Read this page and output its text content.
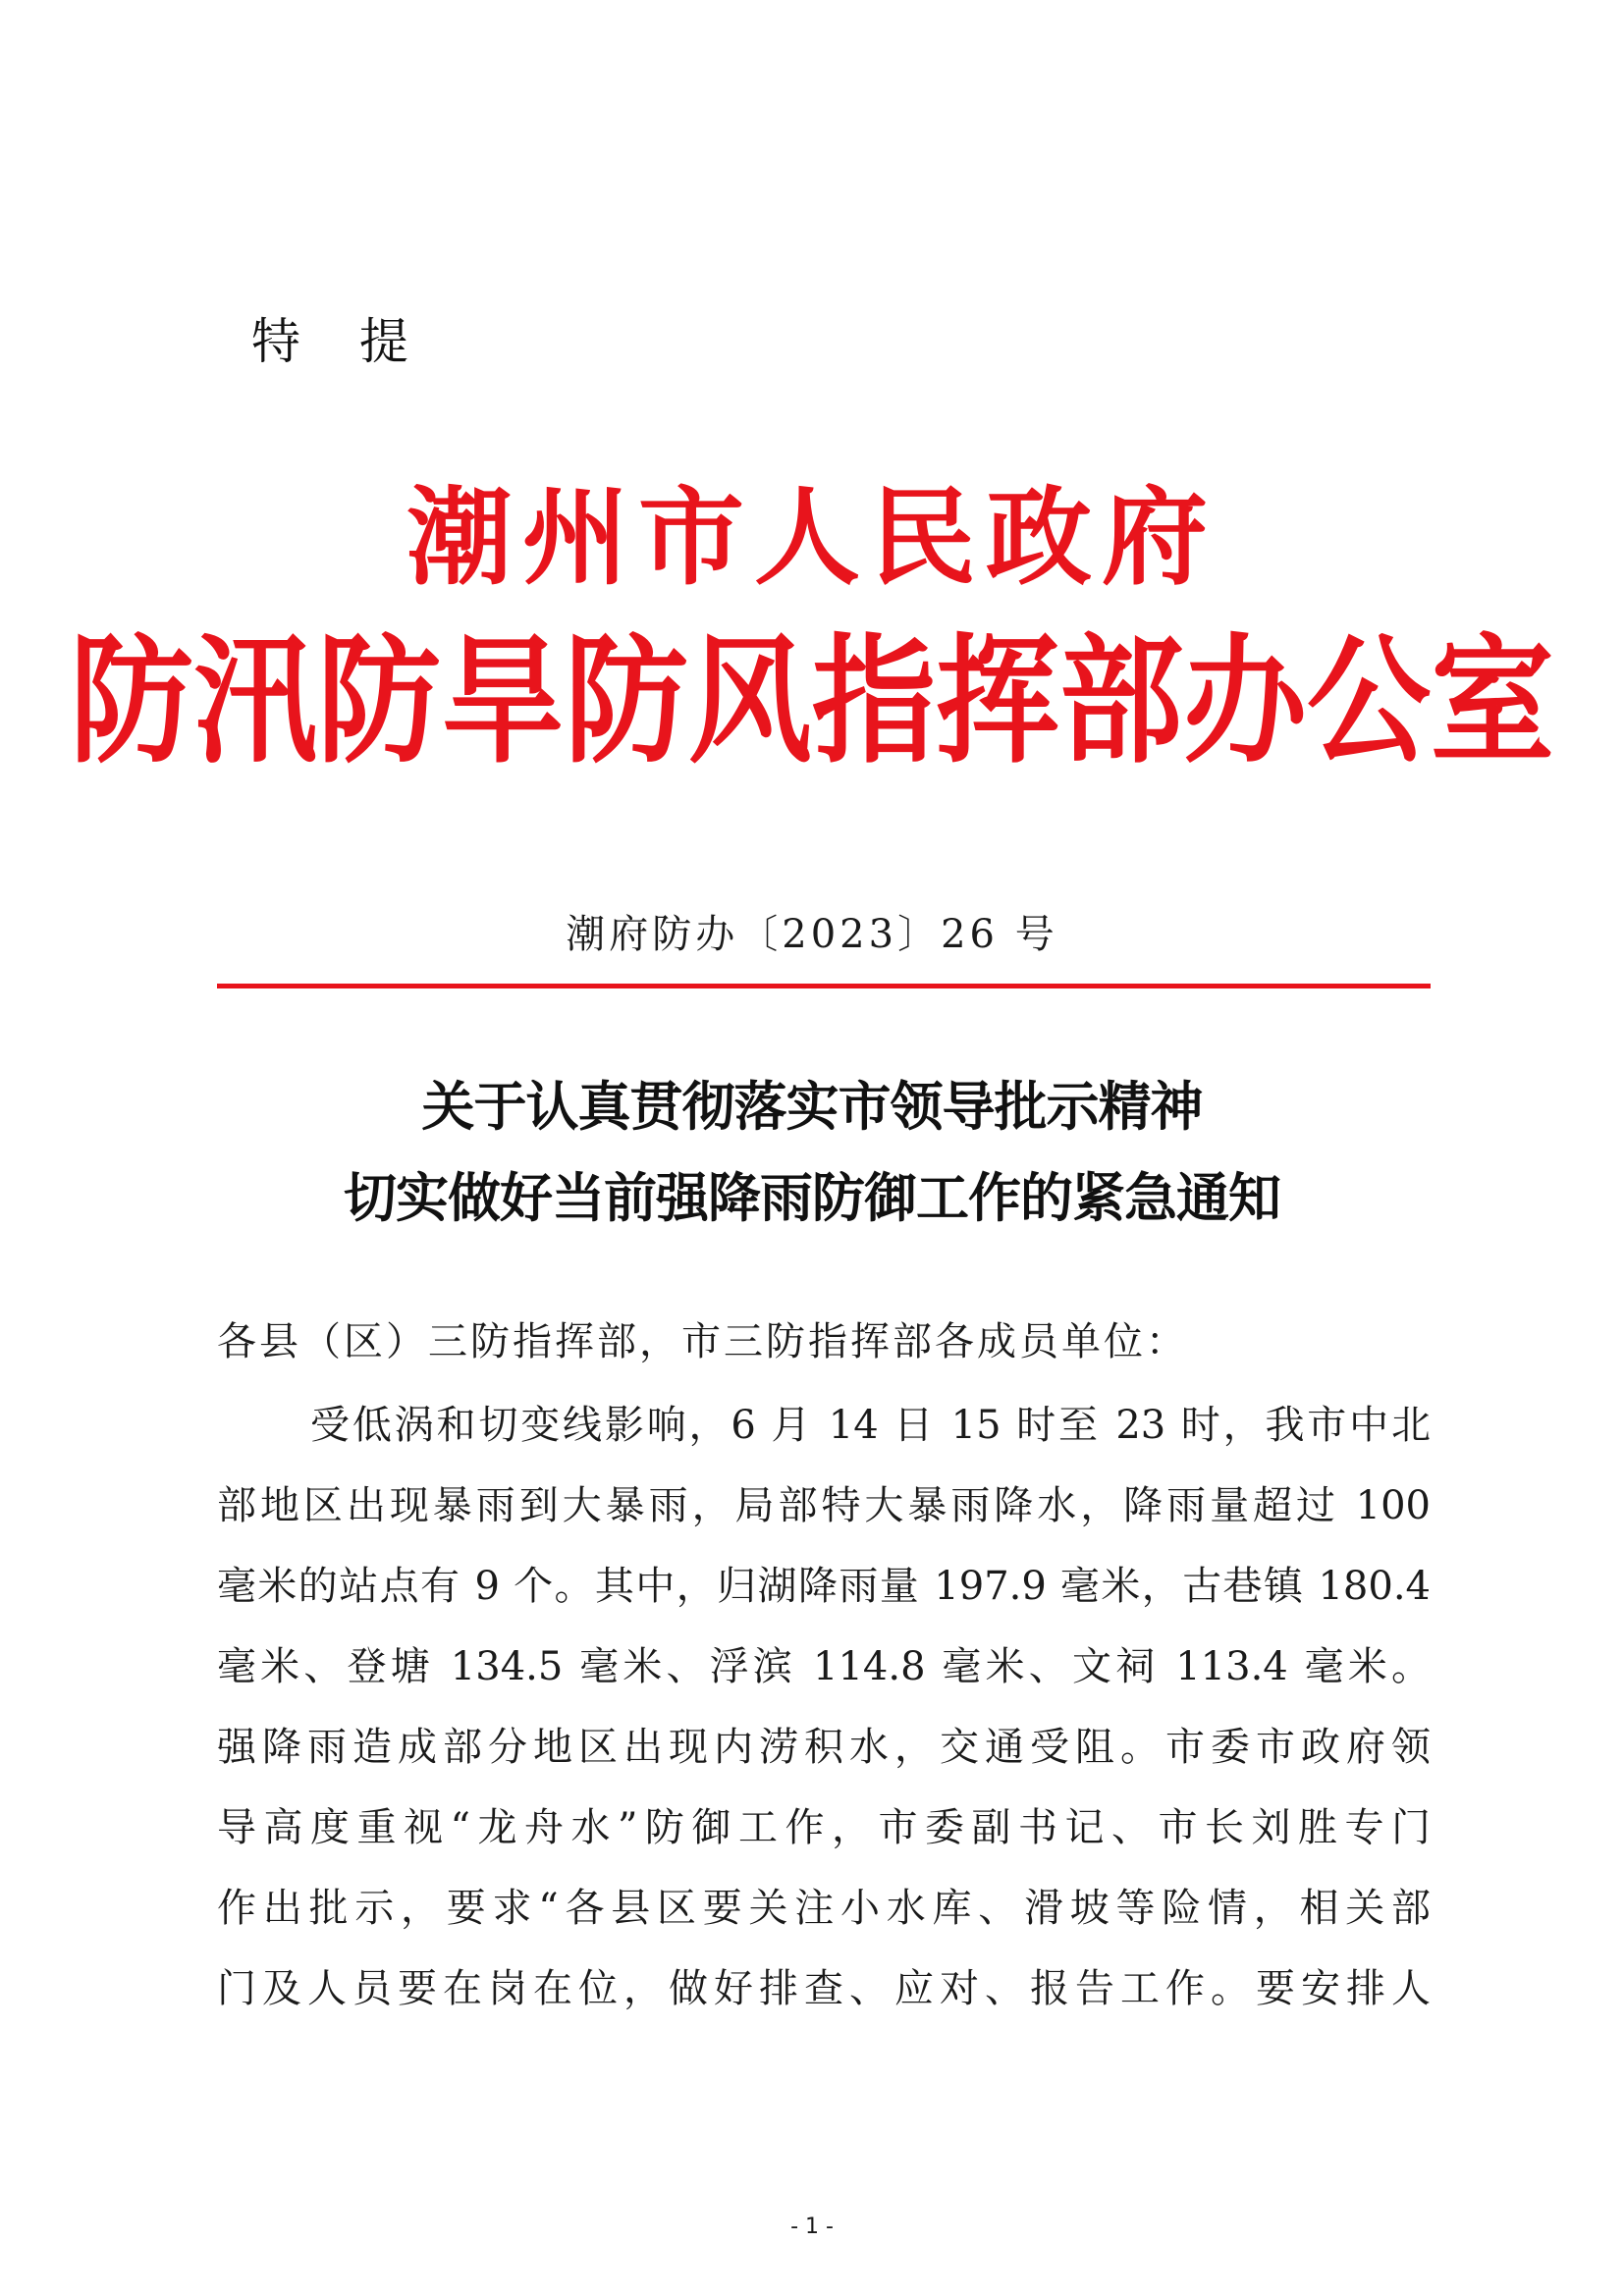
特 提
潮州市人民政府
防汛防旱防风指挥部办公室
潮府防办〔2023〕26 号
关于认真贯彻落实市领导批示精神
切实做好当前强降雨防御工作的紧急通知
各县（区）三防指挥部，市三防指挥部各成员单位：
受低涡和切变线影响，6 月 14 日 15 时至 23 时，我市中北
部地区出现暴雨到大暴雨，局部特大暴雨降水，降雨量超过 100
毫米的站点有 9 个。其中，归湖降雨量 197.9 毫米，古巷镇 180.4
毫米、登塘 134.5 毫米、浮滨 114.8 毫米、文祠 113.4 毫米。
强降雨造成部分地区出现内涝积水，交通受阻。市委市政府领
导高度重视“龙舟水”防御工作，市委副书记、市长刘胜专门
作出批示，要求“各县区要关注小水库、滑坡等险情，相关部
门及人员要在岗在位，做好排查、应对、报告工作。要安排人
- 1 -
